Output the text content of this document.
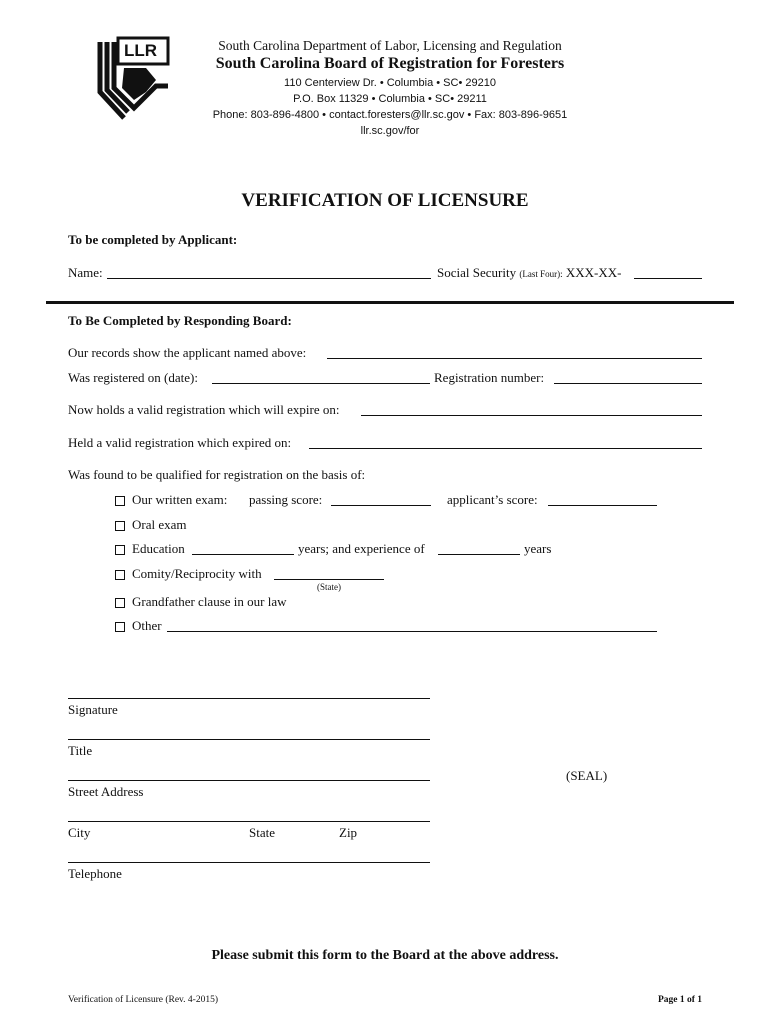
LLR	South Carolina Department of Labor, Licensing and Regulation
South Carolina Board of Registration for Foresters
110 Centerview Dr. • Columbia • SC• 29210
P.O. Box 11329 • Columbia • SC• 29211
Phone: 803-896-4800 • contact.foresters@llr.sc.gov • Fax: 803-896-9651
llr.sc.gov/for
VERIFICATION OF LICENSURE
To be completed by Applicant:
Name:	Social Security (Last Four): XXX-XX-
To Be Completed by Responding Board:
Our records show the applicant named above:
Was registered on (date):	Registration number:
Now holds a valid registration which will expire on:
Held a valid registration which expired on:
Was found to be qualified for registration on the basis of:
Our written exam: passing score:	applicant’s score:
Oral exam
Education	years; and experience of	years
Comity/Reciprocity with
(State)
Grandfather clause in our law
Other
Signature
Title
Street Address
(SEAL)
City	State	Zip
Telephone
Please submit this form to the Board at the above address.
Verification of Licensure (Rev. 4-2015)	Page 1 of 1
